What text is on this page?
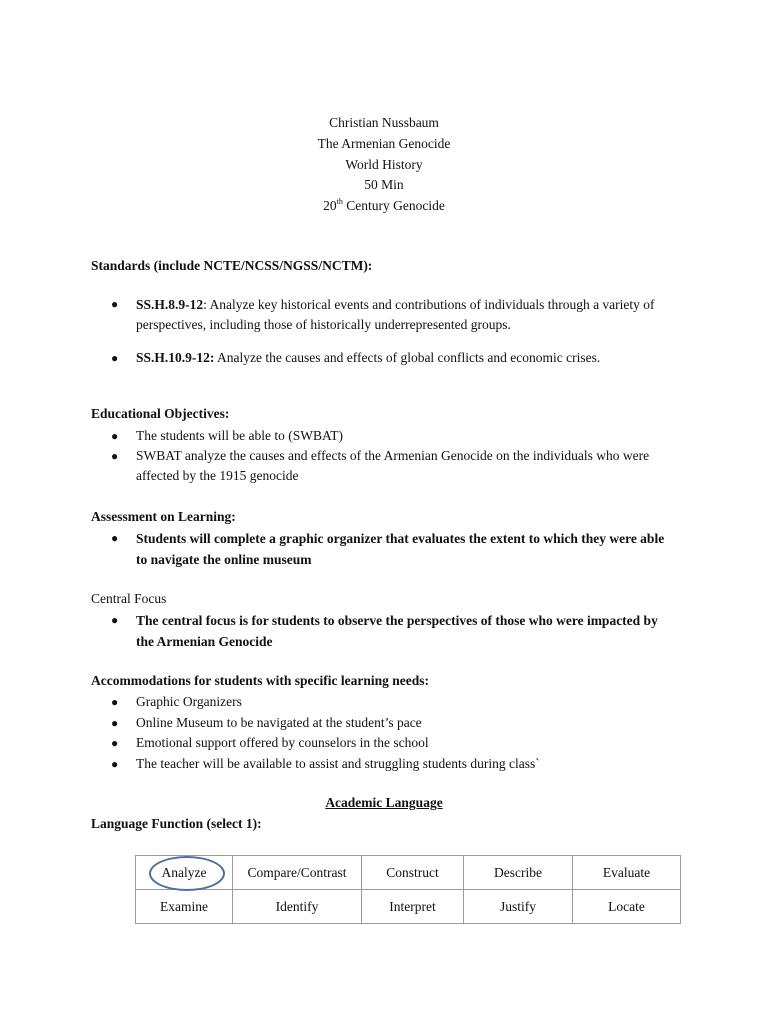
Christian Nussbaum
The Armenian Genocide
World History
50 Min
20th Century Genocide
Standards (include NCTE/NCSS/NGSS/NCTM):
● SS.H.8.9-12: Analyze key historical events and contributions of individuals through a variety of perspectives, including those of historically underrepresented groups.
● SS.H.10.9-12: Analyze the causes and effects of global conflicts and economic crises.
Educational Objectives:
● The students will be able to (SWBAT)
● SWBAT analyze the causes and effects of the Armenian Genocide on the individuals who were affected by the 1915 genocide
Assessment on Learning:
● Students will complete a graphic organizer that evaluates the extent to which they were able to navigate the online museum
Central Focus
● The central focus is for students to observe the perspectives of those who were impacted by the Armenian Genocide
Accommodations for students with specific learning needs:
● Graphic Organizers
● Online Museum to be navigated at the student’s pace
● Emotional support offered by counselors in the school
● The teacher will be available to assist and struggling students during class`
Academic Language
Language Function (select 1):
Analyze	Compare/Contrast	Construct	Describe	Evaluate
Examine	Identify	Interpret	Justify	Locate
